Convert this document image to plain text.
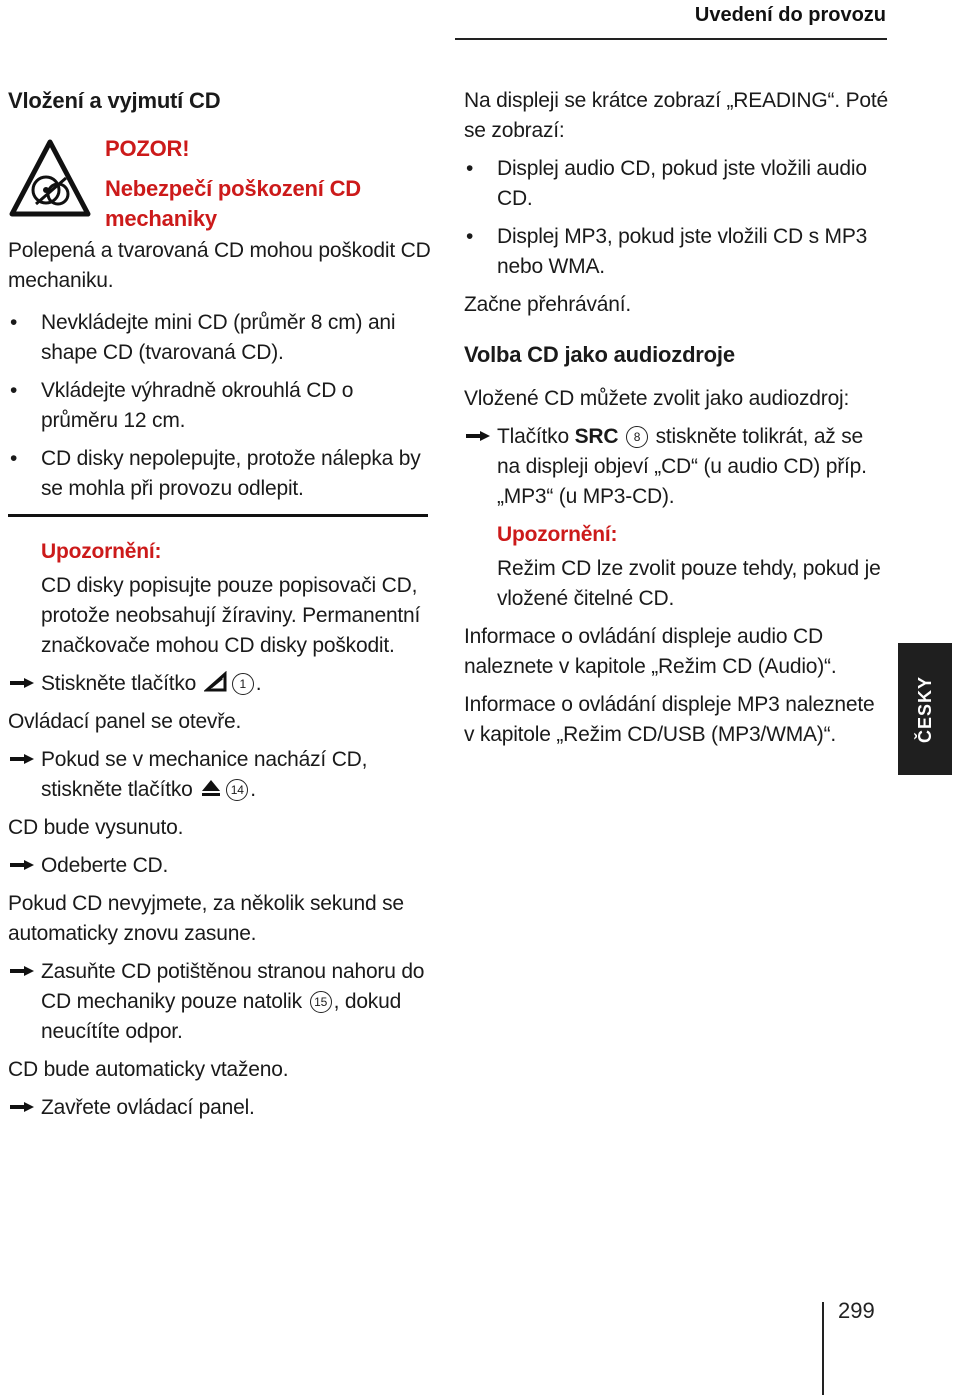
Uvedení do provozu
Vložení a vyjmutí CD
POZOR!
Nebezpečí poškození CD mechaniky
Polepená a tvarovaná CD mohou poškodit CD mechaniku.
• Nevkládejte mini CD (průměr 8 cm) ani shape CD (tvarovaná CD).
• Vkládejte výhradně okrouhlá CD o průměru 12 cm.
• CD disky nepolepujte, protože nálepka by se mohla při provozu odlepit.
Upozornění:
CD disky popisujte pouze popisovači CD, protože neobsahují žíraviny. Permanentní značkovače mohou CD disky poškodit.
Stiskněte tlačítko	1 .

Ovládací panel se otevře.

Pokud se v mechanice nachází CD, stiskněte tlačítko	14 .

CD bude vysunuto.

Odeberte CD.

Pokud CD nevyjmete, za několik sekund se automaticky znovu zasune.

Zasuňte CD potištěnou stranou nahoru do CD mechaniky pouze natolik 15 , dokud neucítíte odpor.

CD bude automaticky vtaženo.

Zavřete ovládací panel.

Na displeji se krátce zobrazí „READING“. Poté se zobrazí:

• Displej audio CD, pokud jste vložili audio CD.
• Displej MP3, pokud jste vložili CD s MP3 nebo WMA.

Začne přehrávání.

Volba CD jako audiozdroje

Vložené CD můžete zvolit jako audiozdroj:

Tlačítko SRC 8 stiskněte tolikrát, až se na displeji objeví „CD“ (u audio CD) příp. „MP3“ (u MP3-CD).
Upozornění:
Režim CD lze zvolit pouze tehdy, pokud je vložené čitelné CD.

Informace o ovládání displeje audio CD naleznete v kapitole „Režim CD (Audio)“.

Informace o ovládání displeje MP3 naleznete v kapitole „Režim CD/USB (MP3/WMA)“.	ČESKY
299
